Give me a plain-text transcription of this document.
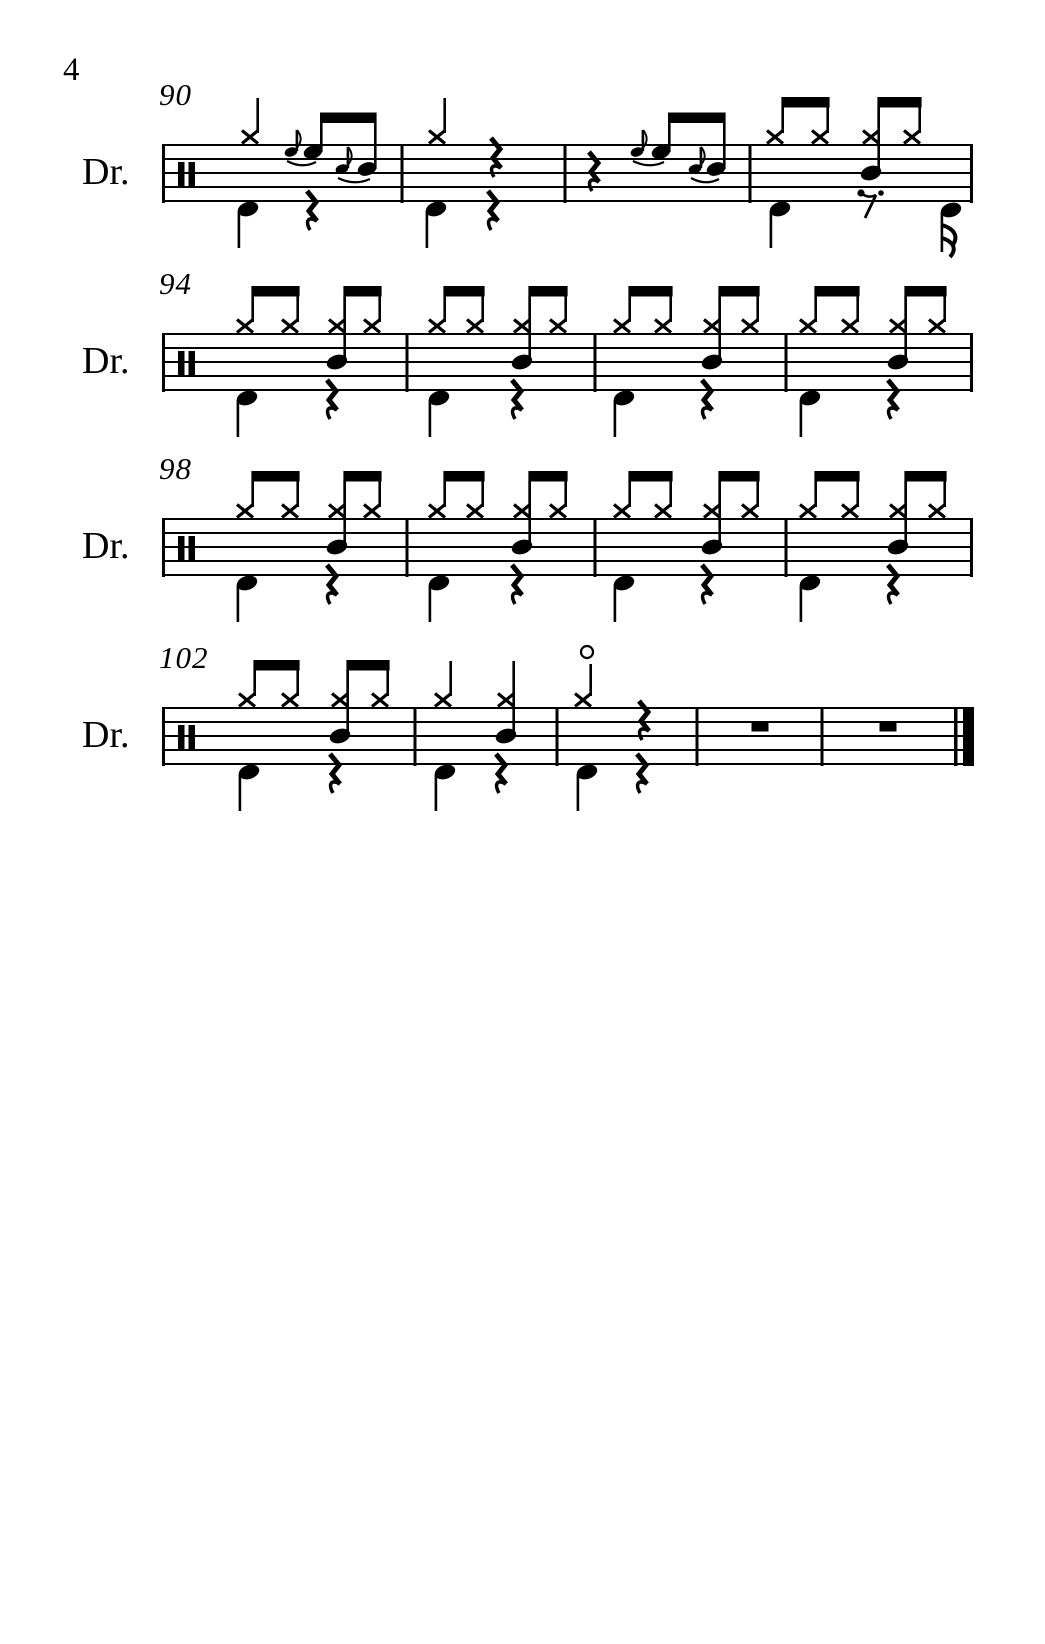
4
90
94
98
102
Dr.
Dr.
Dr.
Dr.
